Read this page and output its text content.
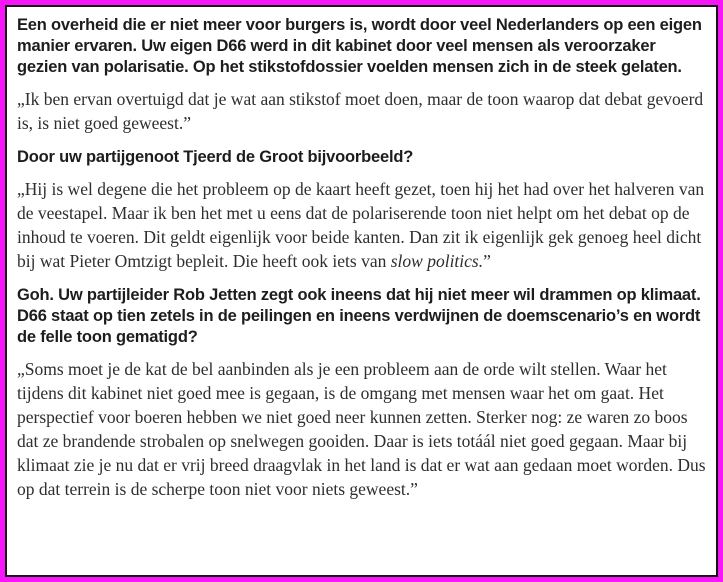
Een overheid die er niet meer voor burgers is, wordt door veel Nederlanders op een eigen manier ervaren. Uw eigen D66 werd in dit kabinet door veel mensen als veroorzaker gezien van polarisatie. Op het stikstofdossier voelden mensen zich in de steek gelaten.

„Ik ben ervan overtuigd dat je wat aan stikstof moet doen, maar de toon waarop dat debat gevoerd is, is niet goed geweest.”

Door uw partijgenoot Tjeerd de Groot bijvoorbeeld?

„Hij is wel degene die het probleem op de kaart heeft gezet, toen hij het had over het halveren van de veestapel. Maar ik ben het met u eens dat de polariserende toon niet helpt om het debat op de inhoud te voeren. Dit geldt eigenlijk voor beide kanten. Dan zit ik eigenlijk gek genoeg heel dicht bij wat Pieter Omtzigt bepleit. Die heeft ook iets van slow politics.”

Goh. Uw partijleider Rob Jetten zegt ook ineens dat hij niet meer wil drammen op klimaat. D66 staat op tien zetels in de peilingen en ineens verdwijnen de doemscenario’s en wordt de felle toon gematigd?

„Soms moet je de kat de bel aanbinden als je een probleem aan de orde wilt stellen. Waar het tijdens dit kabinet niet goed mee is gegaan, is de omgang met mensen waar het om gaat. Het perspectief voor boeren hebben we niet goed neer kunnen zetten. Sterker nog: ze waren zo boos dat ze brandende strobalen op snelwegen gooiden. Daar is iets totáál niet goed gegaan. Maar bij klimaat zie je nu dat er vrij breed draagvlak in het land is dat er wat aan gedaan moet worden. Dus op dat terrein is de scherpe toon niet voor niets geweest.”
